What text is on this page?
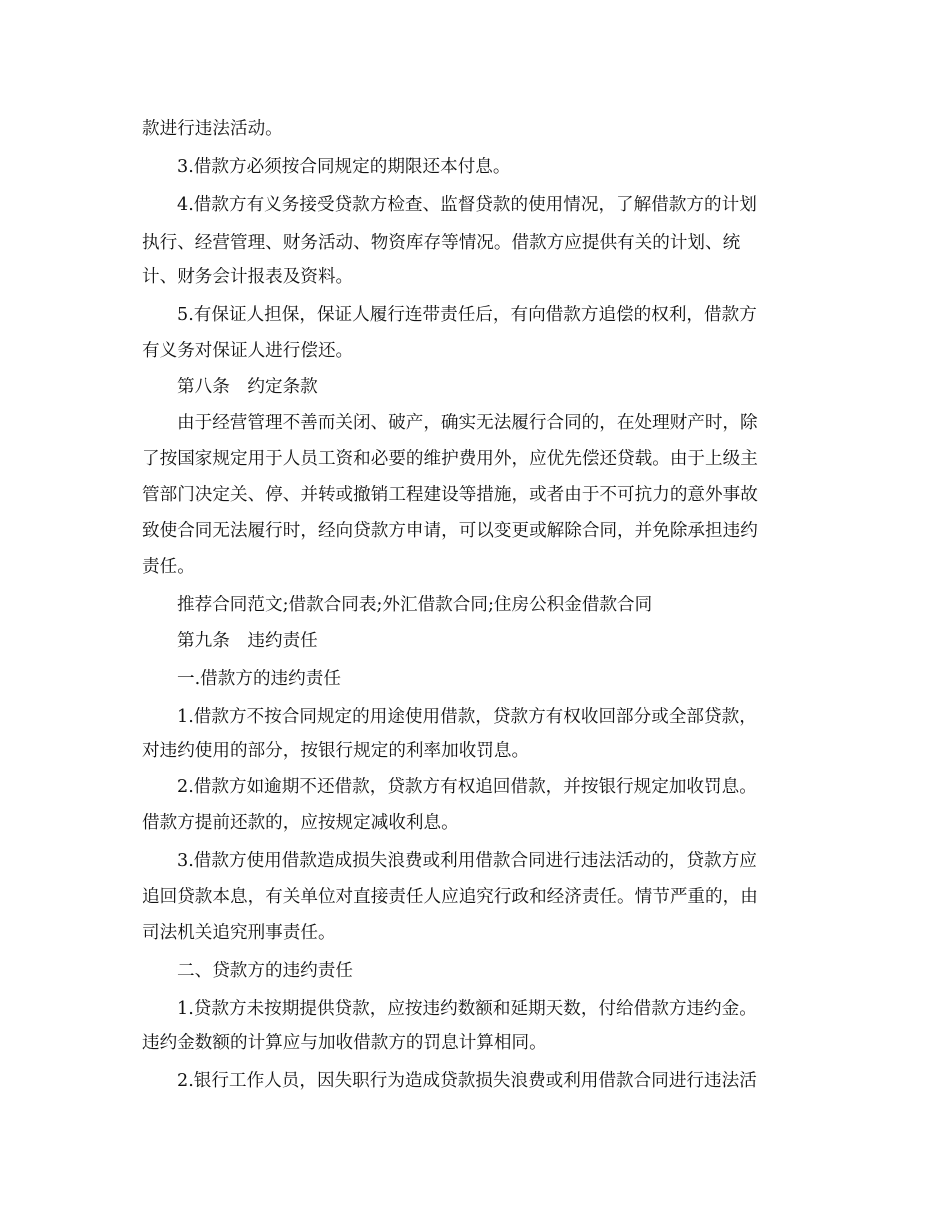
款进行违法活动。
3.借款方必须按合同规定的期限还本付息。
4.借款方有义务接受贷款方检查、监督贷款的使用情况，了解借款方的计划
执行、经营管理、财务活动、物资库存等情况。借款方应提供有关的计划、统
计、财务会计报表及资料。
5.有保证人担保，保证人履行连带责任后，有向借款方追偿的权利，借款方
有义务对保证人进行偿还。
第八条　约定条款
由于经营管理不善而关闭、破产，确实无法履行合同的，在处理财产时，除
了按国家规定用于人员工资和必要的维护费用外，应优先偿还贷载。由于上级主
管部门决定关、停、并转或撤销工程建设等措施，或者由于不可抗力的意外事故
致使合同无法履行时，经向贷款方申请，可以变更或解除合同，并免除承担违约
责任。
推荐合同范文;借款合同表;外汇借款合同;住房公积金借款合同
第九条　违约责任
一.借款方的违约责任
1.借款方不按合同规定的用途使用借款，贷款方有权收回部分或全部贷款，
对违约使用的部分，按银行规定的利率加收罚息。
2.借款方如逾期不还借款，贷款方有权追回借款，并按银行规定加收罚息。
借款方提前还款的，应按规定减收利息。
3.借款方使用借款造成损失浪费或利用借款合同进行违法活动的，贷款方应
追回贷款本息，有关单位对直接责任人应追究行政和经济责任。情节严重的，由
司法机关追究刑事责任。
二、贷款方的违约责任
1.贷款方未按期提供贷款，应按违约数额和延期天数，付给借款方违约金。
违约金数额的计算应与加收借款方的罚息计算相同。
2.银行工作人员，因失职行为造成贷款损失浪费或利用借款合同进行违法活
